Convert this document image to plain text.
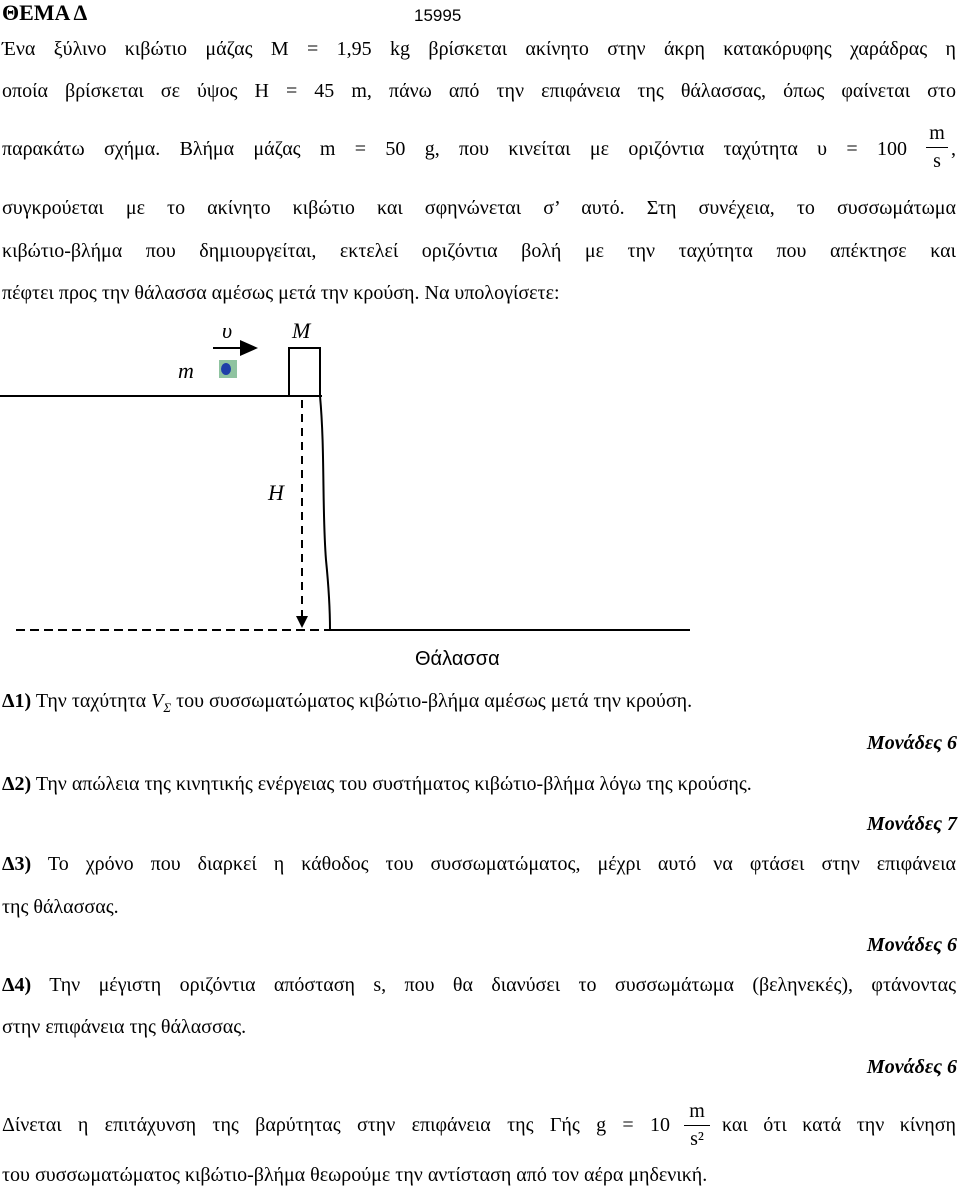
ΘΕΜΑ Δ	15995
Ένα ξύλινο κιβώτιο μάζας M = 1,95 kg βρίσκεται ακίνητο στην άκρη κατακόρυφης χαράδρας η
οποία βρίσκεται σε ύψος H = 45 m, πάνω από την επιφάνεια της θάλασσας, όπως φαίνεται στο
παρακάτω σχήμα. Βλήμα μάζας m = 50 g, που κινείται με οριζόντια ταχύτητα υ = 100
m
s
,
συγκρούεται με το ακίνητο κιβώτιο και σφηνώνεται σ’ αυτό. Στη συνέχεια, το συσσωμάτωμα
κιβώτιο-βλήμα που δημιουργείται, εκτελεί οριζόντια βολή με την ταχύτητα που απέκτησε και
πέφτει προς την θάλασσα αμέσως μετά την κρούση. Να υπολογίσετε:
υ	M
m
H
Θάλασσα
Δ1) Την ταχύτητα $V_\Sigma$ του συσσωματώματος κιβώτιο-βλήμα αμέσως μετά την κρούση.
Μονάδες 6
Δ2) Την απώλεια της κινητικής ενέργειας του συστήματος κιβώτιο-βλήμα λόγω της κρούσης.
Μονάδες 7
Δ3) Το χρόνο που διαρκεί η κάθοδος του συσσωματώματος, μέχρι αυτό να φτάσει στην επιφάνεια
της θάλασσας.
Μονάδες 6
Δ4) Την μέγιστη οριζόντια απόσταση s, που θα διανύσει το συσσωμάτωμα (βεληνεκές), φτάνοντας
στην επιφάνεια της θάλασσας.
Μονάδες 6
Δίνεται η επιτάχυνση της βαρύτητας στην επιφάνεια της Γής g = 10
m
s²
και ότι κατά την κίνηση
του συσσωματώματος κιβώτιο-βλήμα θεωρούμε την αντίσταση από τον αέρα μηδενική.
